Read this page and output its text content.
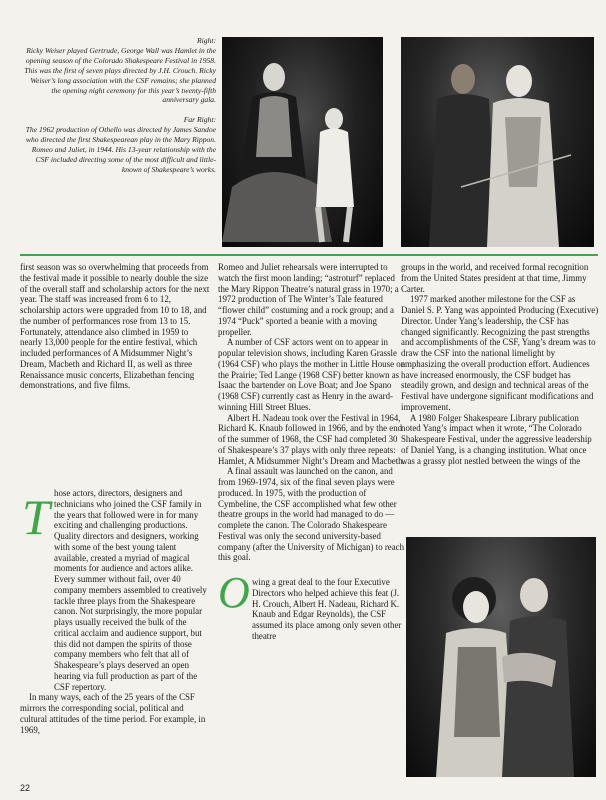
Right:
Ricky Weiser played Gertrude, George Wall was Hamlet in the opening season of the Colorado Shakespeare Festival in 1958. This was the first of seven plays directed by J.H. Crouch. Ricky Weiser’s long association with the CSF remains; she planned the opening night ceremony for this year’s twenty-fifth anniversary gala.

Far Right:
The 1962 production of Othello was directed by James Sandoe who directed the first Shakespearean play in the Mary Rippon. Romeo and Juliet, in 1944. His 13-year relationship with the CSF included directing some of the most difficult and little-known of Shakespeare’s works.

first season was so overwhelming that proceeds from the festival made it possible to nearly double the size of the overall staff and scholarship actors for the next year. The staff was increased from 6 to 12, scholarship actors were upgraded from 10 to 18, and the number of performances rose from 13 to 15. Fortunately, attendance also climbed in 1959 to nearly 13,000 people for the entire festival, which included performances of A Midsummer Night’s Dream, Macbeth and Richard II, as well as three Renaissance music concerts, Elizabethan fencing demonstrations, and five films.

T hose actors, directors, designers and technicians who joined the CSF family in the years that followed were in for many exciting and challenging productions. Quality directors and designers, working with some of the best young talent available, created a myriad of magical moments for audience and actors alike. Every summer without fail, over 40 company members assembled to creatively tackle three plays from the Shakespeare canon. Not surprisingly, the more popular plays usually received the bulk of the critical acclaim and audience support, but this did not dampen the spirits of those company members who felt that all of Shakespeare’s plays deserved an open hearing via full production as part of the CSF repertory.

In many ways, each of the 25 years of the CSF mirrors the corresponding social, political and cultural attitudes of the time period. For example, in 1969,

Romeo and Juliet rehearsals were interrupted to watch the first moon landing; “astroturf” replaced the Mary Rippon Theatre’s natural grass in 1970; a 1972 production of The Winter’s Tale featured “flower child” costuming and a rock group; and a 1974 “Puck” sported a beanie with a moving propeller.

A number of CSF actors went on to appear in popular television shows, including Karen Grassle (1964 CSF) who plays the mother in Little House on the Prairie; Ted Lange (1968 CSF) better known as Isaac the bartender on Love Boat; and Joe Spano (1968 CSF) currently cast as Henry in the award-winning Hill Street Blues.

Albert H. Nadeau took over the Festival in 1964, Richard K. Knaub followed in 1966, and by the end of the summer of 1968, the CSF had completed 30 of Shakespeare’s 37 plays with only three repeats: Hamlet, A Midsummer Night’s Dream and Macbeth.

A final assault was launched on the canon, and from 1969-1974, six of the final seven plays were produced. In 1975, with the production of Cymbeline, the CSF accomplished what few other theatre groups in the world had managed to do — complete the canon. The Colorado Shakespeare Festival was only the second university-based company (after the University of Michigan) to reach this goal.

O wing a great deal to the four Executive Directors who helped achieve this feat (J. H. Crouch, Albert H. Nadeau, Richard K. Knaub and Edgar Reynolds), the CSF assumed its place among only seven other theatre

groups in the world, and received formal recognition from the United States president at that time, Jimmy Carter.

1977 marked another milestone for the CSF as Daniel S. P. Yang was appointed Producing (Executive) Director. Under Yang’s leadership, the CSF has changed significantly. Recognizing the past strengths and accomplishments of the CSF, Yang’s dream was to draw the CSF into the national limelight by emphasizing the overall production effort. Audiences have increased enormously, the CSF budget has steadily grown, and design and technical areas of the Festival have undergone significant modifications and improvement.

A 1980 Folger Shakespeare Library publication noted Yang’s impact when it wrote, “The Colorado Shakespeare Festival, under the aggressive leadership of Daniel Yang, is a changing institution. What once was a grassy plot nestled between the wings of the

22
